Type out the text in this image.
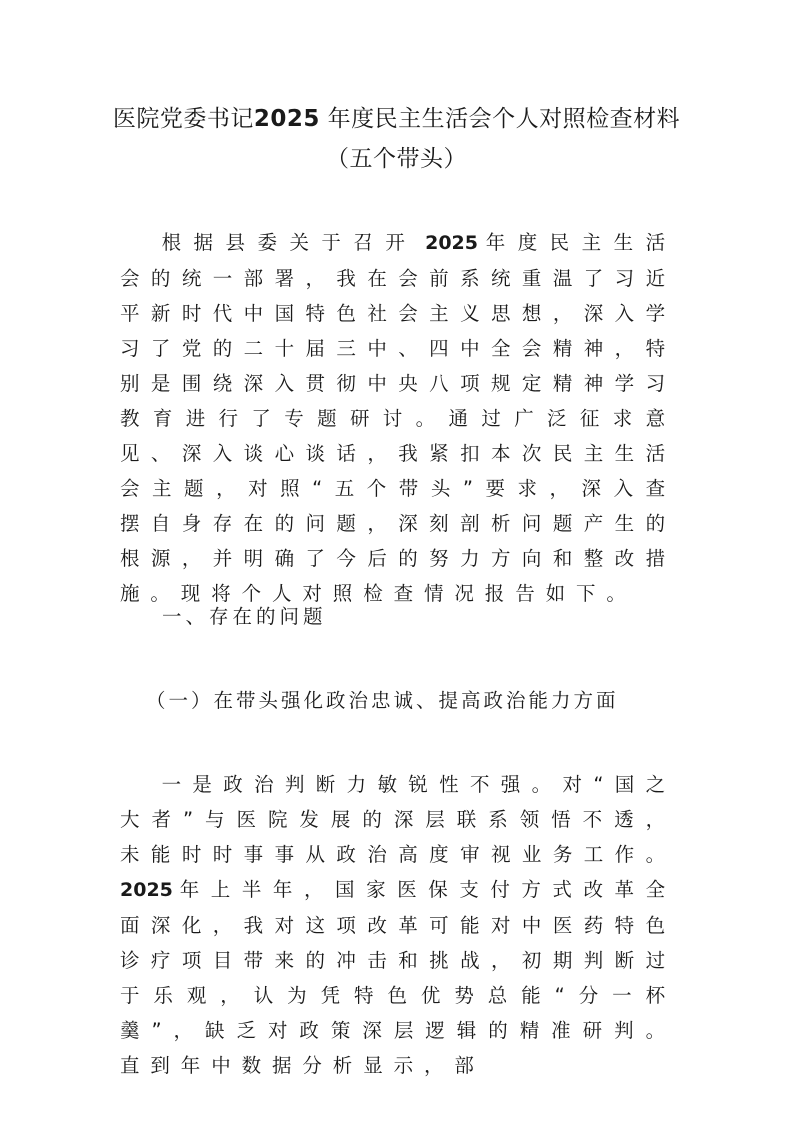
医院党委书记2025 年度民主生活会个人对照检查材料（五个带头）

根据县委关于召开 2025 年度民主生活会的统一部署，我在会前系统重温了习近平新时代中国特色社会主义思想，深入学习了党的二十届三中、四中全会精神，特别是围绕深入贯彻中央八项规定精神学习教育进行了专题研讨。通过广泛征求意见、深入谈心谈话，我紧扣本次民主生活会主题，对照“五个带头”要求，深入查摆自身存在的问题，深刻剖析问题产生的根源，并明确了今后的努力方向和整改措施。现将个人对照检查情况报告如下。

一、存在的问题
（一）在带头强化政治忠诚、提高政治能力方面

一是政治判断力敏锐性不强。对“国之大者”与医院发展的深层联系领悟不透，未能时时事事从政治高度审视业务工作。2025 年上半年，国家医保支付方式改革全面深化，我对这项改革可能对中医药特色诊疗项目带来的冲击和挑战，初期判断过于乐观，认为凭特色优势总能“分一杯羹”，缺乏对政策深层逻辑的精准研判。直到年中数据分析显示，部
